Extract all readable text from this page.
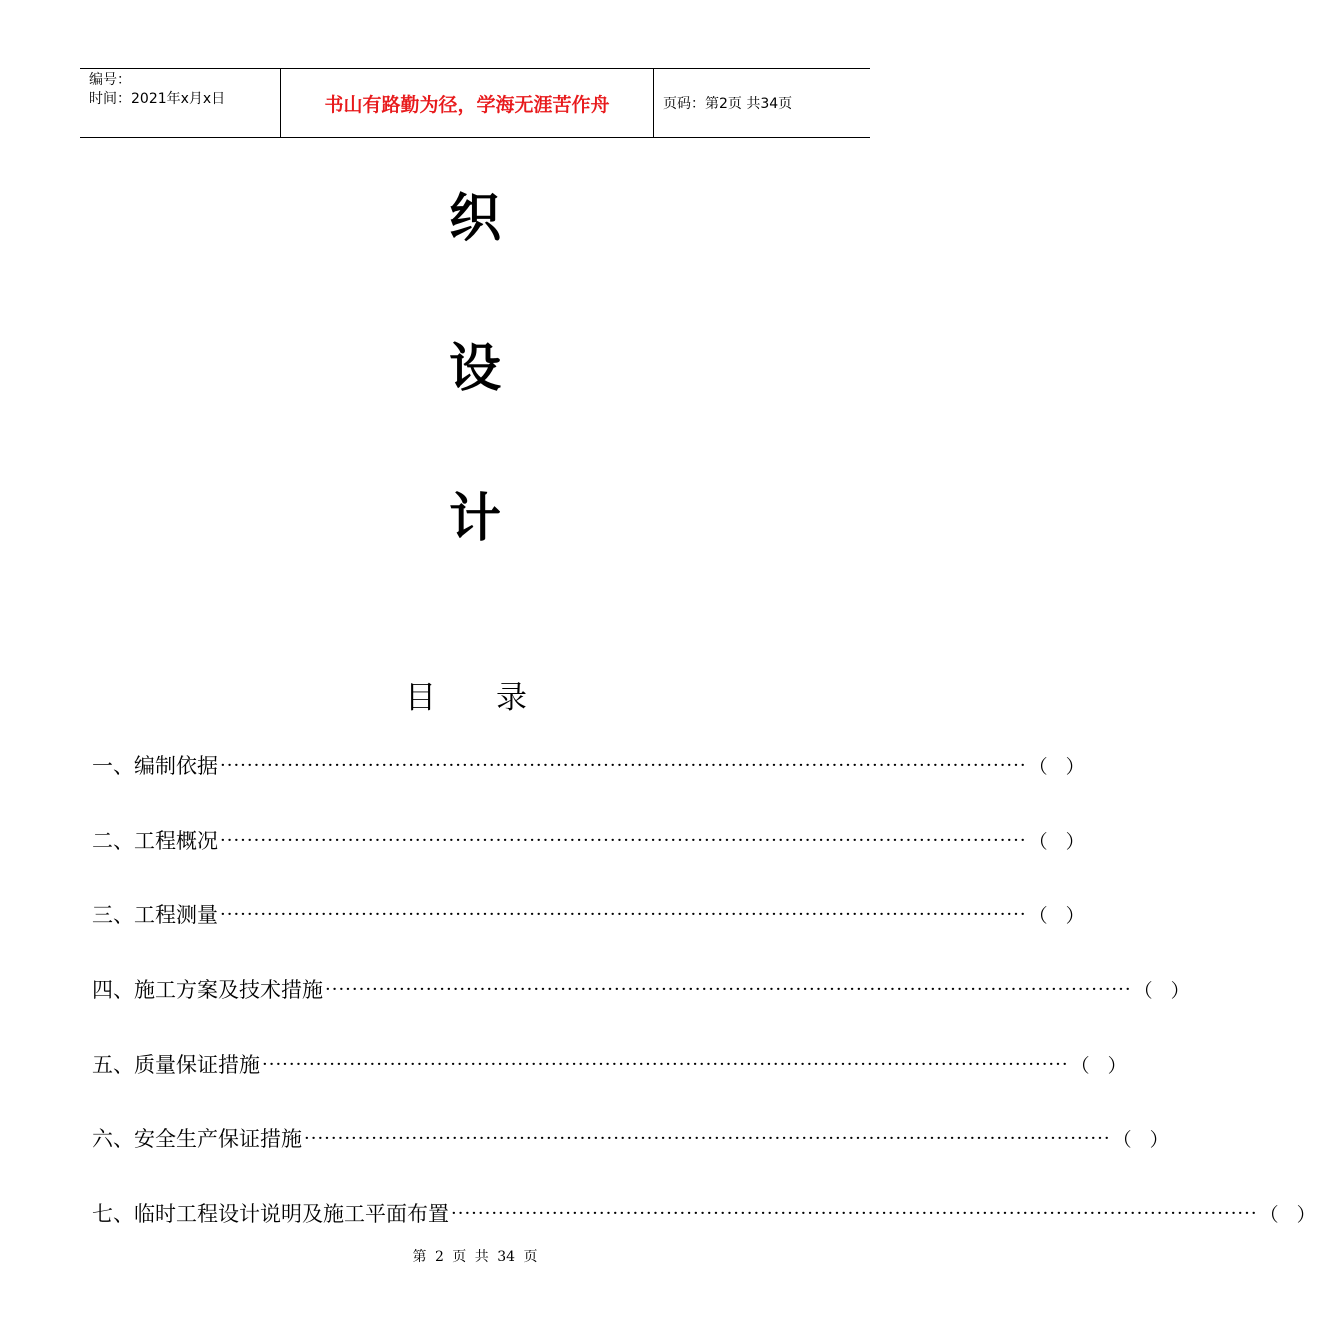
编号：
时间：2021年x月x日	书山有路勤为径，学海无涯苦作舟	页码：第2页 共34页
织
设
计
目录
一、编制依据 ························································································································ （）
二、工程概况 ························································································································ （）
三、工程测量 ························································································································ （）
四、施工方案及技术措施 ························································································································ （）
五、质量保证措施 ························································································································ （）
六、安全生产保证措施 ························································································································ （）
七、临时工程设计说明及施工平面布置 ························································································································ （）
第 2 页 共 34 页
